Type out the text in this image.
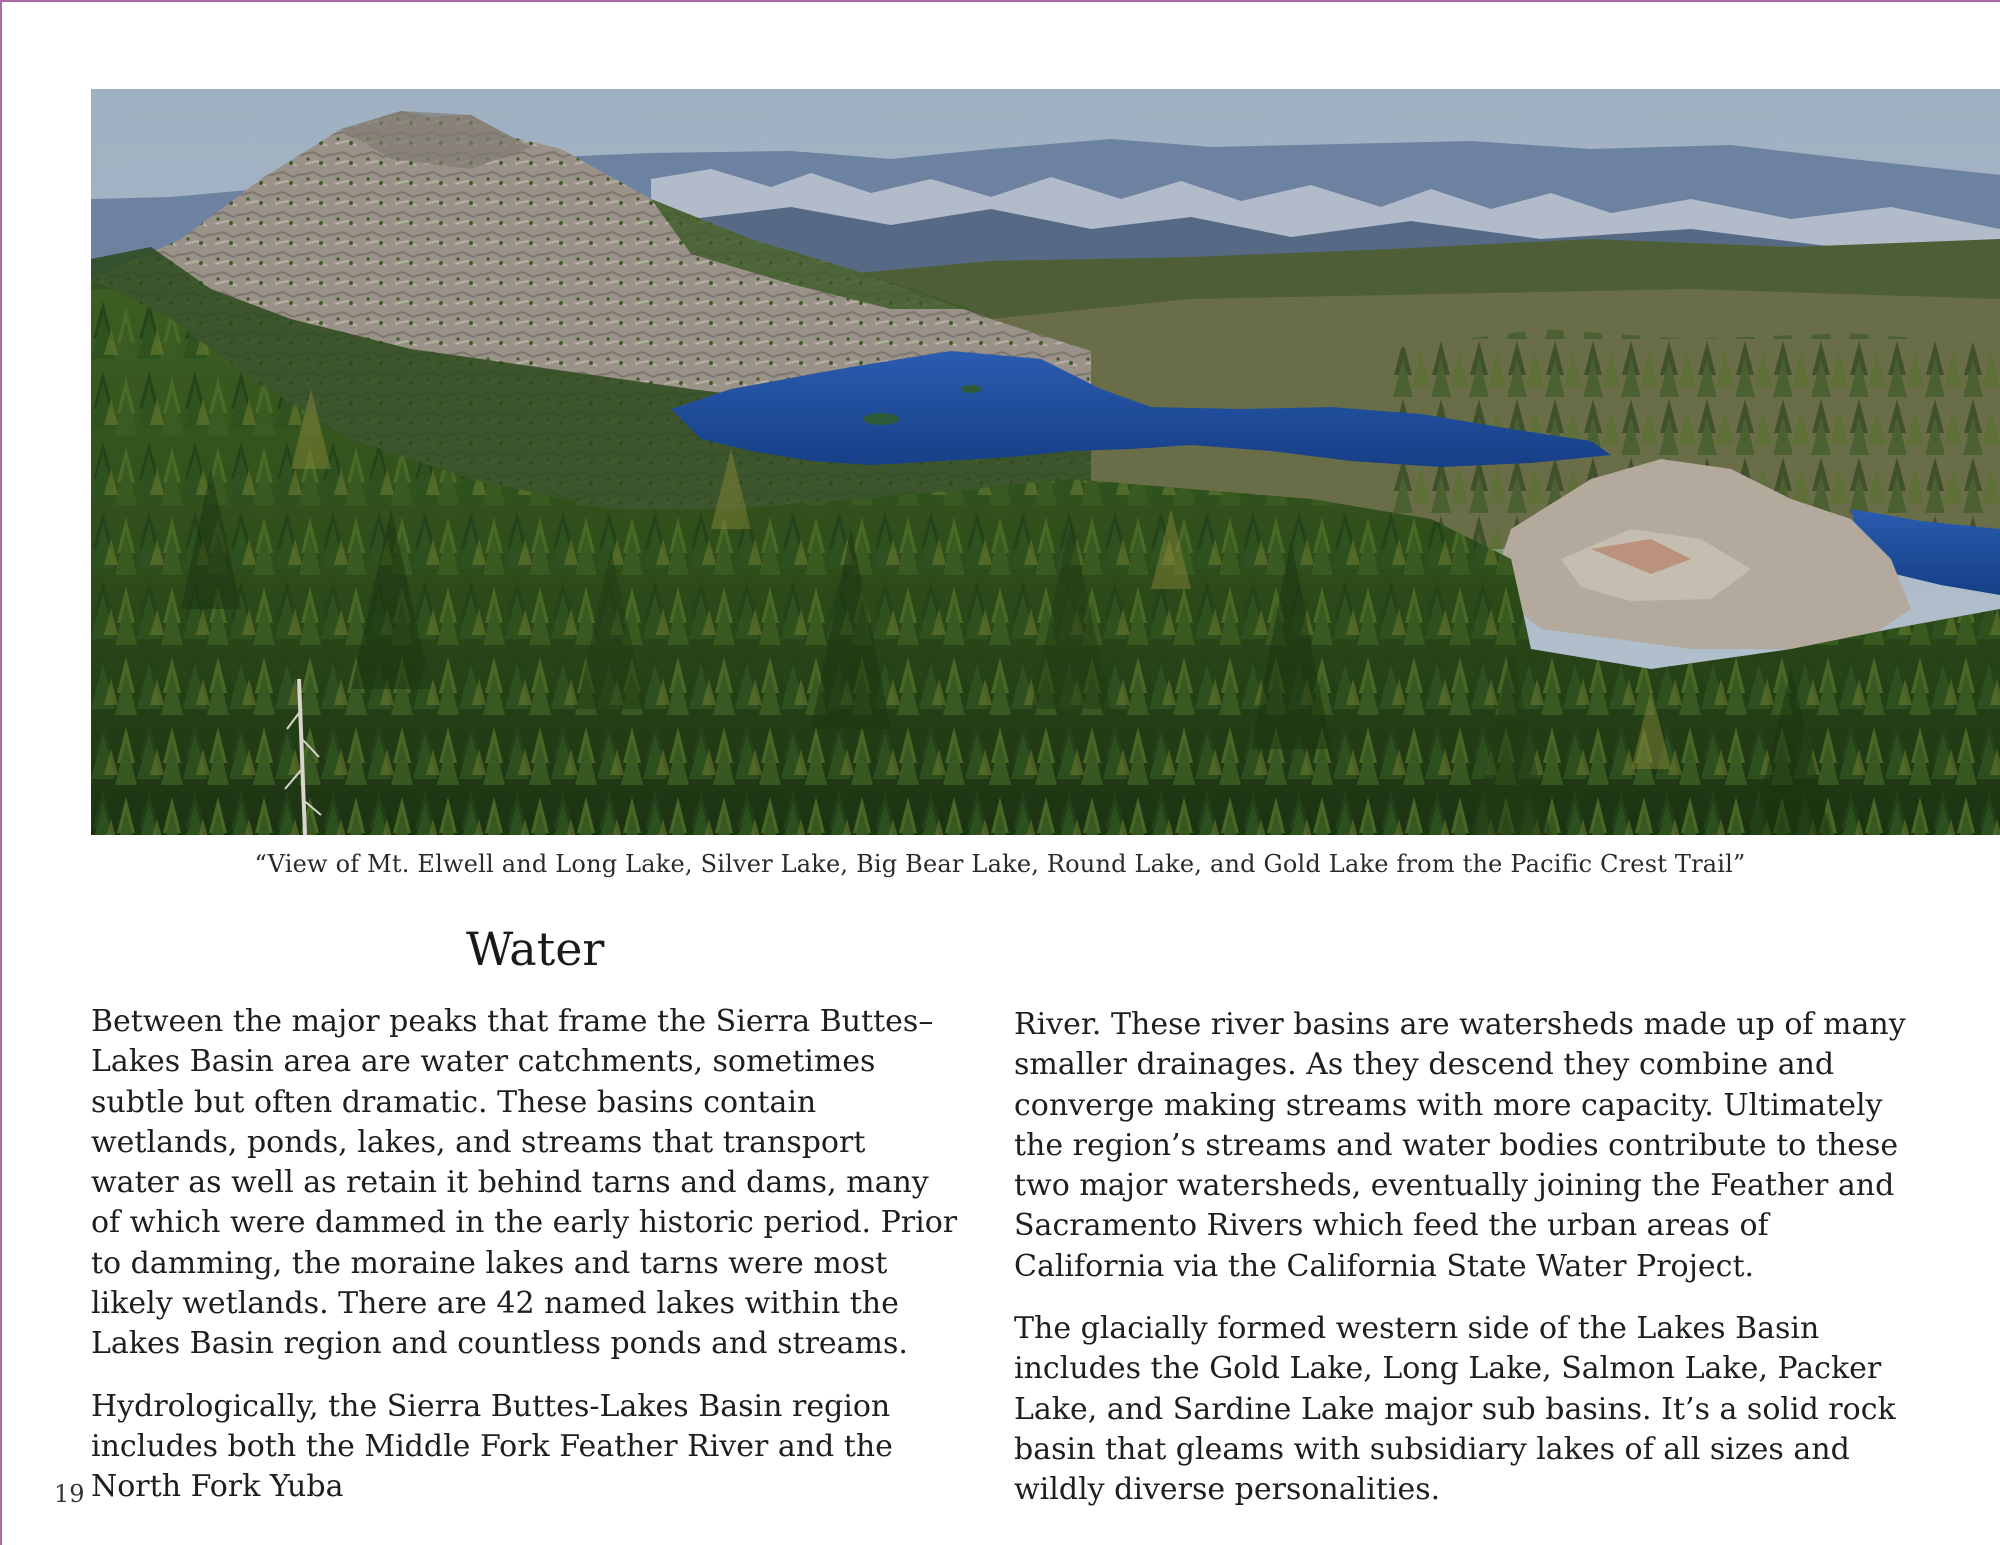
“View of Mt. Elwell and Long Lake, Silver Lake, Big Bear Lake, Round Lake, and Gold Lake from the Pacific Crest Trail”
Water

Between the major peaks that frame the Sierra Buttes–Lakes Basin area are water catchments, sometimes subtle but often dramatic. These basins contain wetlands, ponds, lakes, and streams that transport water as well as retain it behind tarns and dams, many of which were dammed in the early historic period. Prior to damming, the moraine lakes and tarns were most likely wetlands. There are 42 named lakes within the Lakes Basin region and countless ponds and streams.

Hydrologically, the Sierra Buttes-Lakes Basin region includes both the Middle Fork Feather River and the North Fork Yuba

River. These river basins are watersheds made up of many smaller drainages. As they descend they combine and converge making streams with more capacity. Ultimately the region’s streams and water bodies contribute to these two major watersheds, eventually joining the Feather and Sacramento Rivers which feed the urban areas of California via the California State Water Project.

The glacially formed western side of the Lakes Basin includes the Gold Lake, Long Lake, Salmon Lake, Packer Lake, and Sardine Lake major sub basins. It’s a solid rock basin that gleams with subsidiary lakes of all sizes and wildly diverse personalities.

19
